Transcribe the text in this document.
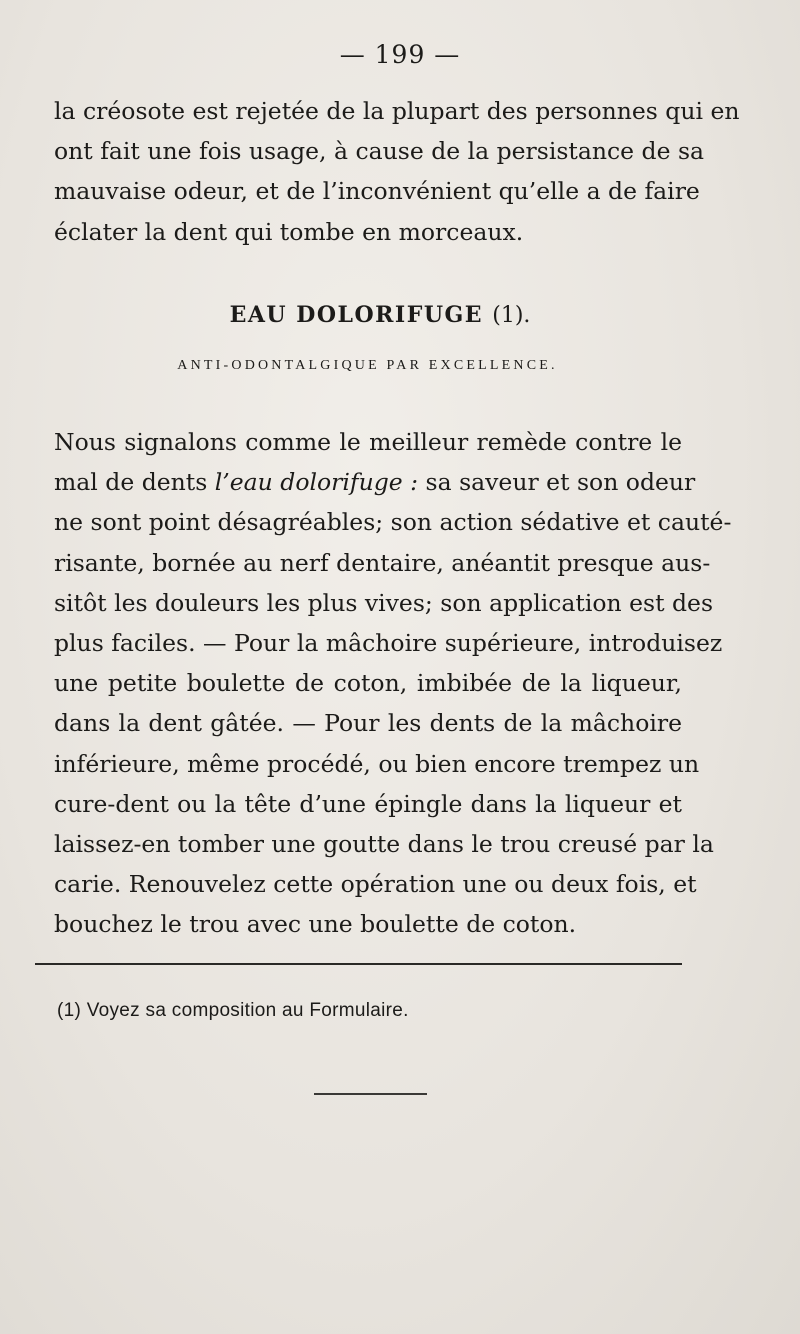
— 199 —
la créosote est rejetée de la plupart des personnes qui en
ont fait une fois usage, à cause de la persistance de sa
mauvaise odeur, et de l’inconvénient qu’elle a de faire
éclater la dent qui tombe en morceaux.
EAU DOLORIFUGE (1).
ANTI-ODONTALGIQUE PAR EXCELLENCE.
Nous signalons comme le meilleur remède contre le
mal de dents l’eau dolorifuge : sa saveur et son odeur
ne sont point désagréables; son action sédative et cauté-
risante, bornée au nerf dentaire, anéantit presque aus-
sitôt les douleurs les plus vives; son application est des
plus faciles. — Pour la mâchoire supérieure, introduisez
une petite boulette de coton, imbibée de la liqueur,
dans la dent gâtée. — Pour les dents de la mâchoire
inférieure, même procédé, ou bien encore trempez un
cure-dent ou la tête d’une épingle dans la liqueur et
laissez-en tomber une goutte dans le trou creusé par la
carie. Renouvelez cette opération une ou deux fois, et
bouchez le trou avec une boulette de coton.
(1) Voyez sa composition au Formulaire.
